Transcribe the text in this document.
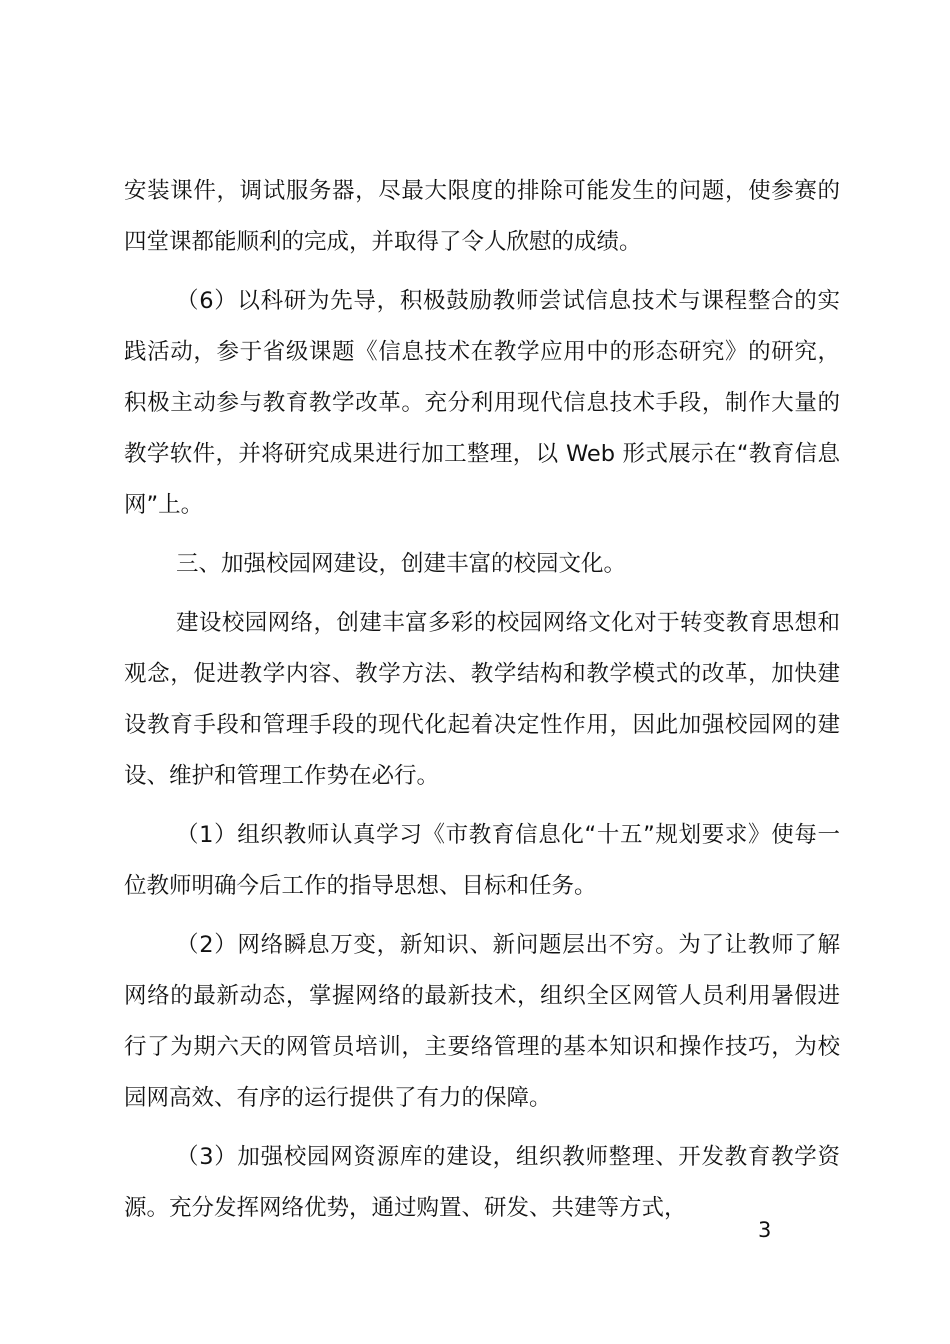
安装课件，调试服务器，尽最大限度的排除可能发生的问题，使参赛的四堂课都能顺利的完成，并取得了令人欣慰的成绩。

（6）以科研为先导，积极鼓励教师尝试信息技术与课程整合的实践活动，参于省级课题《信息技术在教学应用中的形态研究》的研究，积极主动参与教育教学改革。充分利用现代信息技术手段，制作大量的教学软件，并将研究成果进行加工整理，以 Web 形式展示在“教育信息网”上。

三、加强校园网建设，创建丰富的校园文化。

建设校园网络，创建丰富多彩的校园网络文化对于转变教育思想和观念，促进教学内容、教学方法、教学结构和教学模式的改革，加快建设教育手段和管理手段的现代化起着决定性作用，因此加强校园网的建设、维护和管理工作势在必行。

（1）组织教师认真学习《市教育信息化“十五”规划要求》使每一位教师明确今后工作的指导思想、目标和任务。

（2）网络瞬息万变，新知识、新问题层出不穷。为了让教师了解网络的最新动态，掌握网络的最新技术，组织全区网管人员利用暑假进行了为期六天的网管员培训，主要络管理的基本知识和操作技巧，为校园网高效、有序的运行提供了有力的保障。

（3）加强校园网资源库的建设，组织教师整理、开发教育教学资源。充分发挥网络优势，通过购置、研发、共建等方式，

3
